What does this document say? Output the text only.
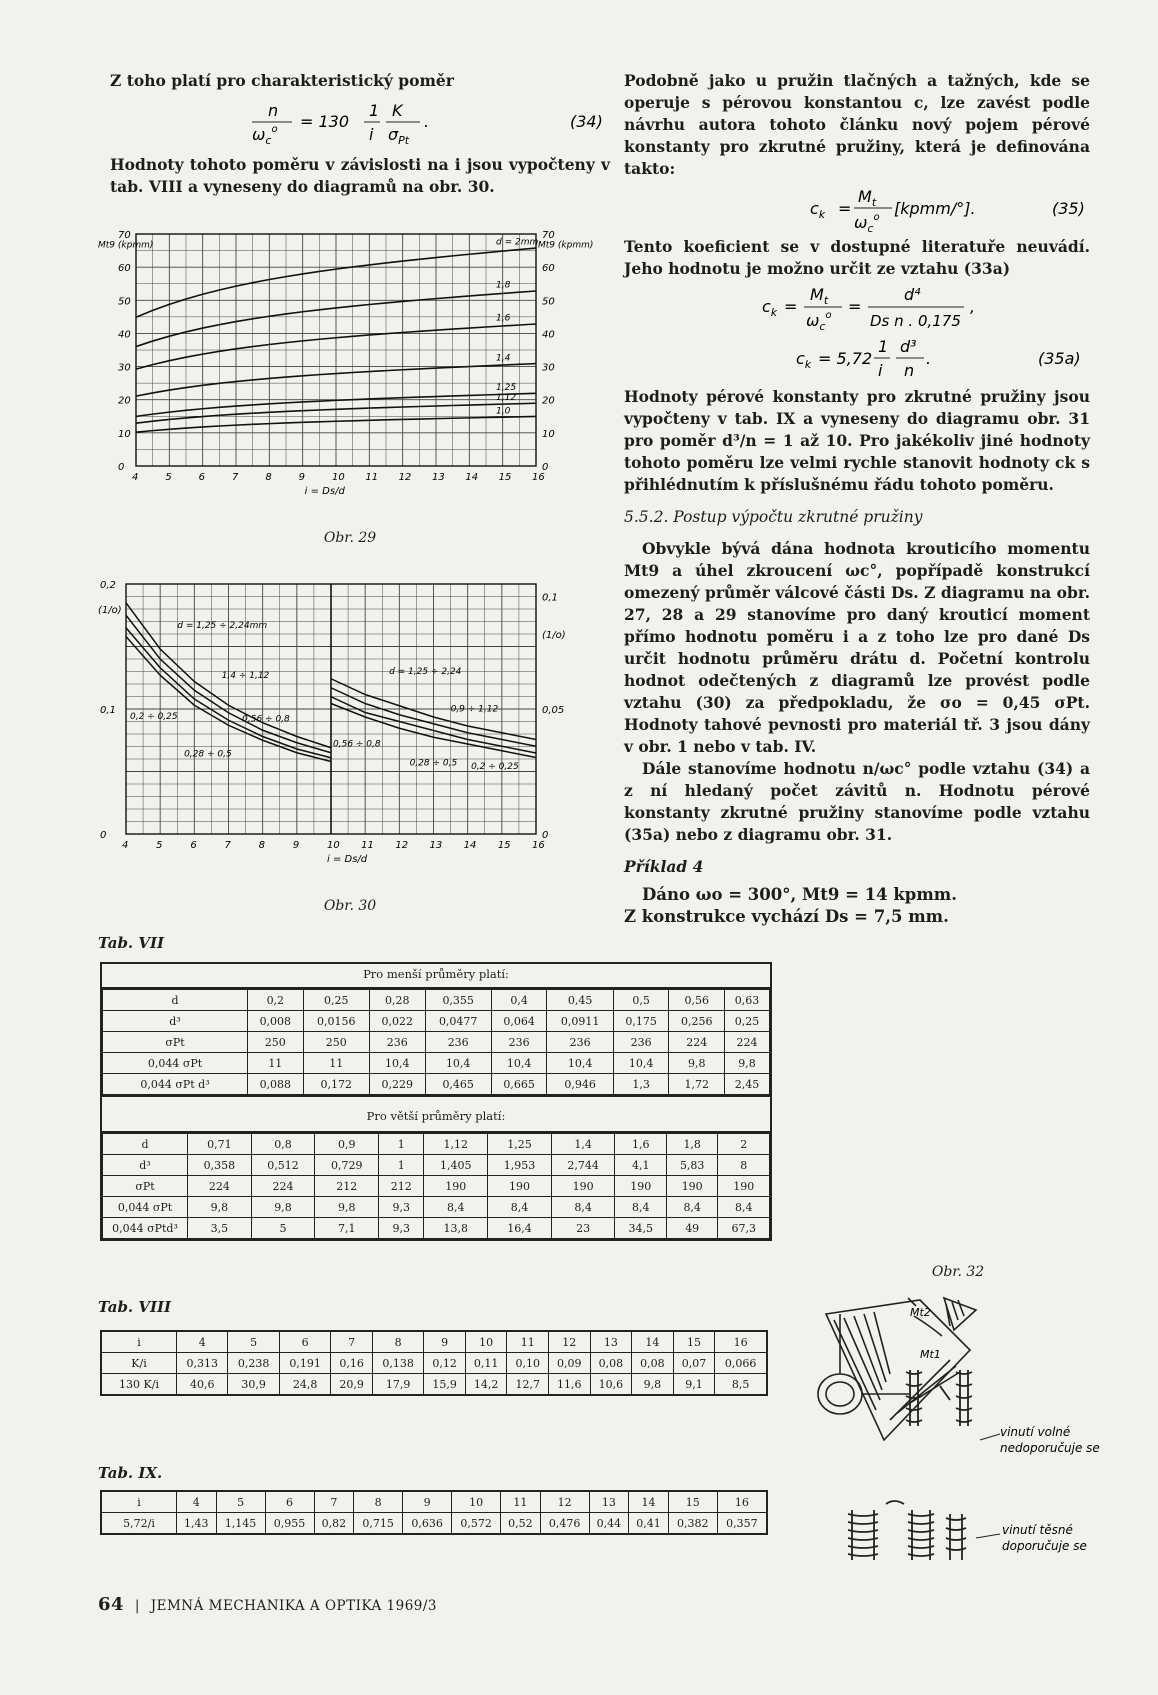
Z toho platí pro charakteristický poměr

n
$\omega_c^o = 130$
1
i
K
$\sigma_{Pt}$
.	(34)

Hodnoty tohoto poměru v závislosti na i jsou vypočteny v tab. VIII a vyneseny do diagramů na obr. 30.

70	70
60	60
50	50
40	40
30	30
20	20
10	10
0	0
Mt9 (kpmm)	Mt9 (kpmm)
4	5	6	7	8	9	10 11 12 13 14 15 16
i = Ds/d
d = 2mm
1,8
1,6
1,4
1,25
1,12
1,0
Obr. 29
0,2
0,1
0
0,1
0,05
0
(1/o)
(1/o)
4	5	6	7	8	9	10 11 12 13 14 15 16
i = Ds/d
d = 1,25 ÷ 2,24mm
1,4 ÷ 1,12
0,56 ÷ 0,8
0,2 ÷ 0,25
0,28 ÷ 0,5
d = 1,25 ÷ 2,24
0,9 ÷ 1,12
0,56 ÷ 0,8
0,28 ÷ 0,5 0,2 ÷ 0,25
Obr. 30
Tab. VII
Pro menší průměry platí:
d	0,2	0,25	0,28	0,355	0,4	0,45	0,5	0,56	0,63
d³	0,008	0,0156	0,022	0,0477	0,064	0,0911	0,175	0,256	0,25
σPt	250	250	236	236	236	236	236	224	224
0,044 σPt	11	11	10,4	10,4	10,4	10,4	10,4	9,8	9,8
0,044 σPt d³	0,088	0,172	0,229	0,465	0,665	0,946	1,3	1,72	2,45
Pro větší průměry platí:
d	0,71	0,8	0,9	1	1,12	1,25	1,4	1,6	1,8	2
d³	0,358	0,512	0,729	1	1,405	1,953	2,744	4,1	5,83	8
σPt	224	224	212	212	190	190	190	190	190	190
0,044 σPt	9,8	9,8	9,8	9,3	8,4	8,4	8,4	8,4	8,4	8,4
0,044 σPtd³	3,5	5	7,1	9,3	13,8	16,4	23	34,5	49	67,3
Tab. VIII
i	4	5	6	7	8	9	10	11	12	13	14	15	16
K/i	0,313	0,238	0,191	0,16	0,138	0,12	0,11	0,10	0,09	0,08	0,08	0,07	0,066
130 K/i	40,6	30,9	24,8	20,9	17,9	15,9	14,2	12,7	11,6	10,6	9,8	9,1	8,5
Tab. IX.
i	4	5	6	7	8	9	10	11	12	13	14	15	16
5,72/i	1,43	1,145	0,955	0,82	0,715	0,636	0,572	0,52	0,476	0,44	0,41	0,382	0,357

Podobně jako u pružin tlačných a tažných, kde se operuje s pérovou konstantou c, lze zavést podle návrhu autora tohoto článku nový pojem pérové konstanty pro zkrutné pružiny, která je definována takto:

$c_k$ =
$M_t$
$\omega_c^o$ [kpmm/°].	(35)

Tento koeficient se v dostupné literatuře neuvádí. Jeho hodnotu je možno určit ze vztahu (33a)

$c_k$ =
$M_t$
$\omega_c^o$ =
d⁴
Ds n . 0,175
,
$c_k = 5,72$
1
i
d³
n
.	(35a)

Hodnoty pérové konstanty pro zkrutné pružiny jsou vypočteny v tab. IX a vyneseny do diagramu obr. 31 pro poměr d³/n = 1 až 10. Pro jakékoliv jiné hodnoty tohoto poměru lze velmi rychle stanovit hodnoty ck s přihlédnutím k příslušnému řádu tohoto poměru.

5.5.2. Postup výpočtu zkrutné pružiny

Obvykle bývá dána hodnota krouticího momentu Mt9 a úhel zkroucení ωc°, popřípadě konstrukcí omezený průměr válcové části Ds. Z diagramu na obr. 27, 28 a 29 stanovíme pro daný krouticí moment přímo hodnotu poměru i a z toho lze pro dané Ds určit hodnotu průměru drátu d. Početní kontrolu hodnot odečtených z diagramů lze provést podle vztahu (30) za předpokladu, že σo = 0,45 σPt. Hodnoty tahové pevnosti pro materiál tř. 3 jsou dány v obr. 1 nebo v tab. IV.

Dále stanovíme hodnotu n/ωc° podle vztahu (34) a z ní hledaný počet závitů n. Hodnotu pérové konstanty zkrutné pružiny stanovíme podle vztahu (35a) nebo z diagramu obr. 31.

Příklad 4

Dáno ωo = 300°, Mt9 = 14 kpmm.

Z konstrukce vychází Ds = 7,5 mm.

Obr. 32
Mt2
Mt1
vinutí volné
nedoporučuje se
vinutí těsné
doporučuje se
64 | JEMNÁ MECHANIKA A OPTIKA 1969/3
